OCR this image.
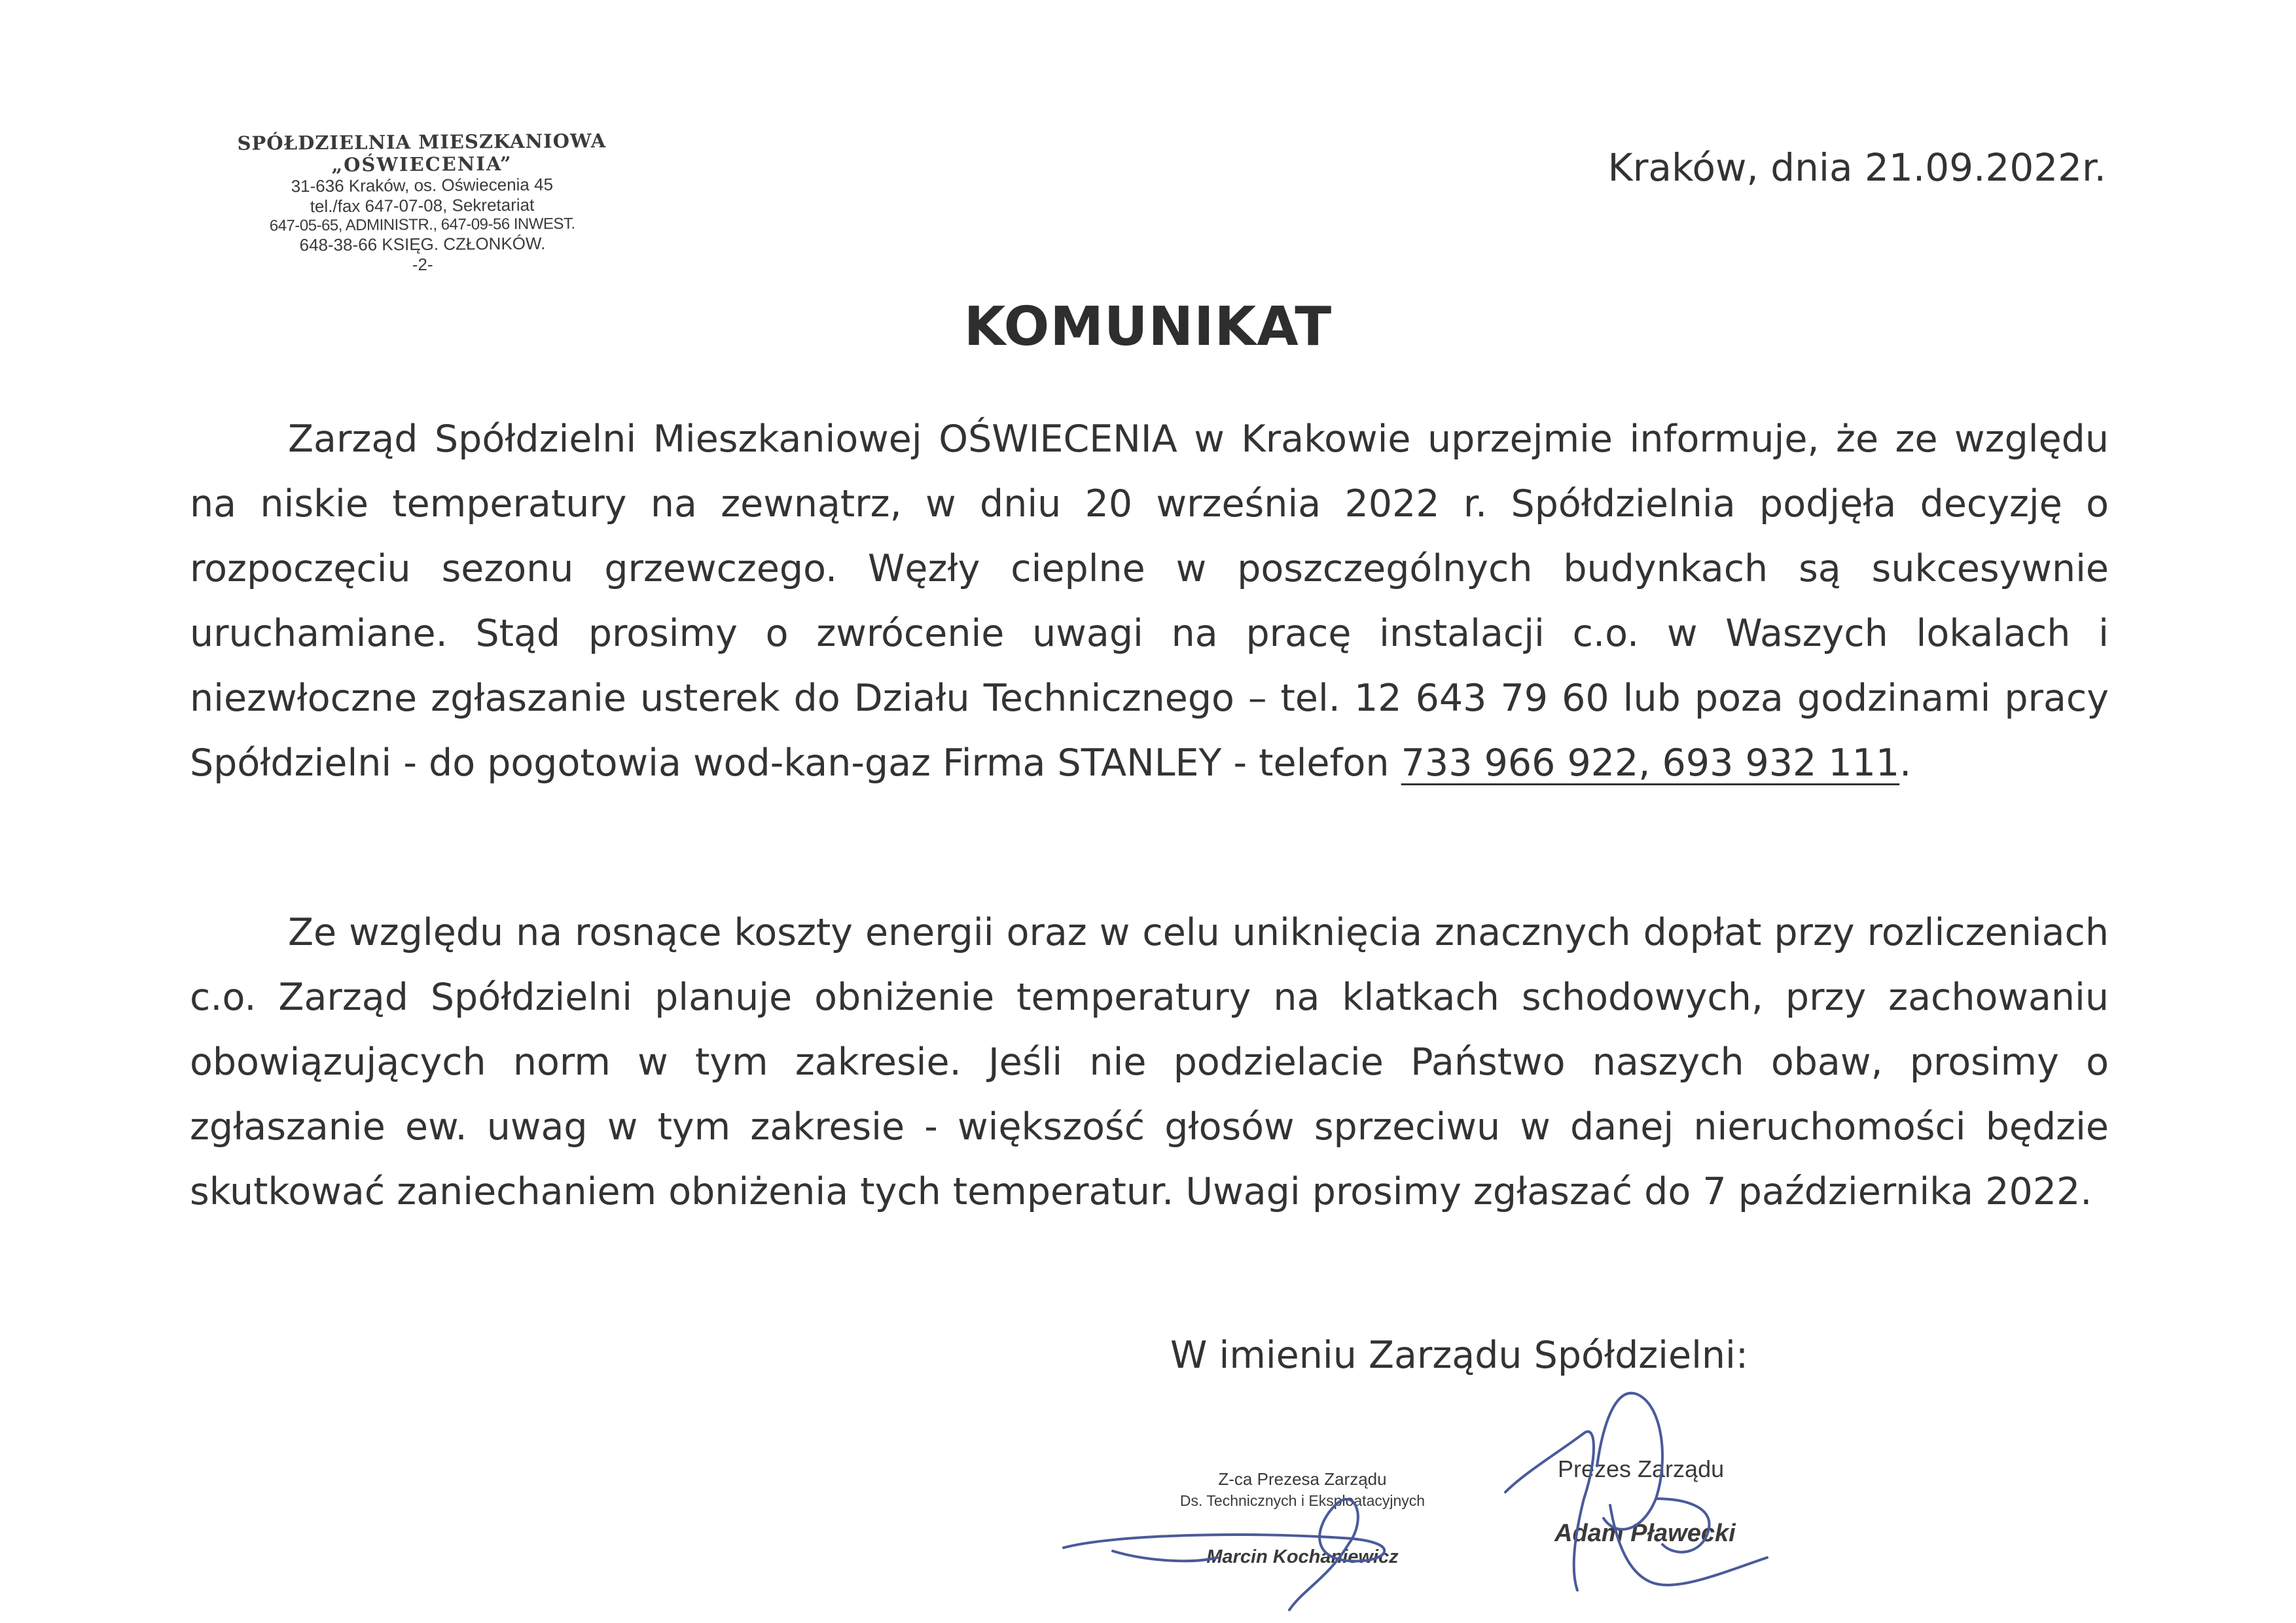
SPÓŁDZIELNIA MIESZKANIOWA
„OŚWIECENIA”
31-636 Kraków, os. Oświecenia 45
tel./fax 647-07-08, Sekretariat
647-05-65, ADMINISTR., 647-09-56 INWEST.
648-38-66 KSIĘG. CZŁONKÓW.
-2-
Kraków, dnia 21.09.2022r.
KOMUNIKAT

Zarząd Spółdzielni Mieszkaniowej OŚWIECENIA w Krakowie uprzejmie informuje, że ze względu na niskie temperatury na zewnątrz, w dniu 20 września 2022 r. Spółdzielnia podjęła decyzję o rozpoczęciu sezonu grzewczego. Węzły cieplne w poszczególnych budynkach są sukcesywnie uruchamiane. Stąd prosimy o zwrócenie uwagi na pracę instalacji c.o. w Waszych lokalach i niezwłoczne zgłaszanie usterek do Działu Technicznego – tel. 12 643 79 60 lub poza godzinami pracy Spółdzielni - do pogotowia wod-kan-gaz Firma STANLEY - telefon 733 966 922, 693 932 111.

Ze względu na rosnące koszty energii oraz w celu uniknięcia znacznych dopłat przy rozliczeniach c.o. Zarząd Spółdzielni planuje obniżenie temperatury na klatkach schodowych, przy zachowaniu obowiązujących norm w tym zakresie. Jeśli nie podzielacie Państwo naszych obaw, prosimy o zgłaszanie ew. uwag w tym zakresie - większość głosów sprzeciwu w danej nieruchomości będzie skutkować zaniechaniem obniżenia tych temperatur. Uwagi prosimy zgłaszać do 7 października 2022.

W imieniu Zarządu Spółdzielni:
Z-ca Prezesa Zarządu
Ds. Technicznych i Eksploatacyjnych
Marcin Kochaniewicz
Prezes Zarządu
Adam Pławecki
